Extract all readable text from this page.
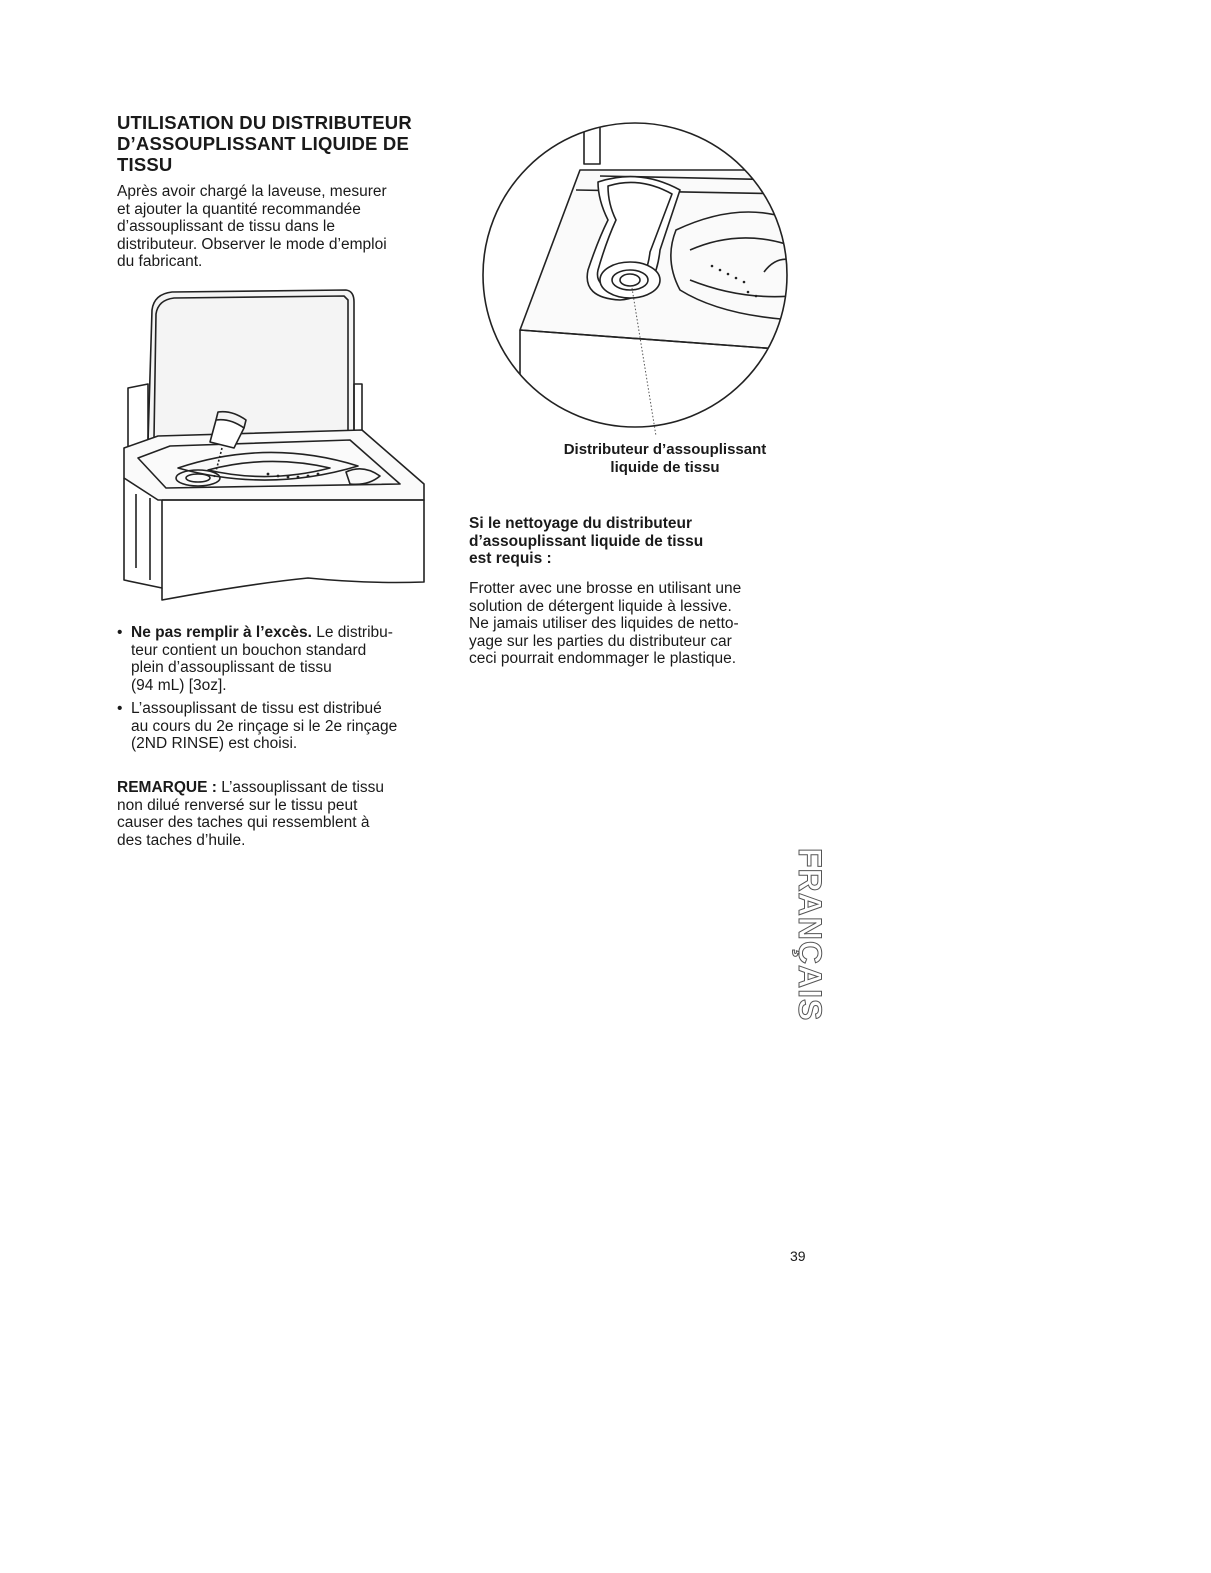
UTILISATION DU DISTRIBUTEUR
D’ASSOUPLISSANT LIQUIDE DE
TISSU
Après avoir chargé la laveuse, mesurer
et ajouter la quantité recommandée
d’assouplissant de tissu dans le
distributeur. Observer le mode d’emploi
du fabricant.
• Ne pas remplir à l’excès. Le distribu-
teur contient un bouchon standard
plein d’assouplissant de tissu
(94 mL) [3oz].
• L’assouplissant de tissu est distribué
au cours du 2e rinçage si le 2e rinçage
(2ND RINSE) est choisi.
REMARQUE : L’assouplissant de tissu
non dilué renversé sur le tissu peut
causer des taches qui ressemblent à
des taches d’huile.
Distributeur d’assouplissant
liquide de tissu
Si le nettoyage du distributeur
d’assouplissant liquide de tissu
est requis :
Frotter avec une brosse en utilisant une
solution de détergent liquide à lessive.
Ne jamais utiliser des liquides de netto-
yage sur les parties du distributeur car
ceci pourrait endommager le plastique.
FRANÇAIS
39
